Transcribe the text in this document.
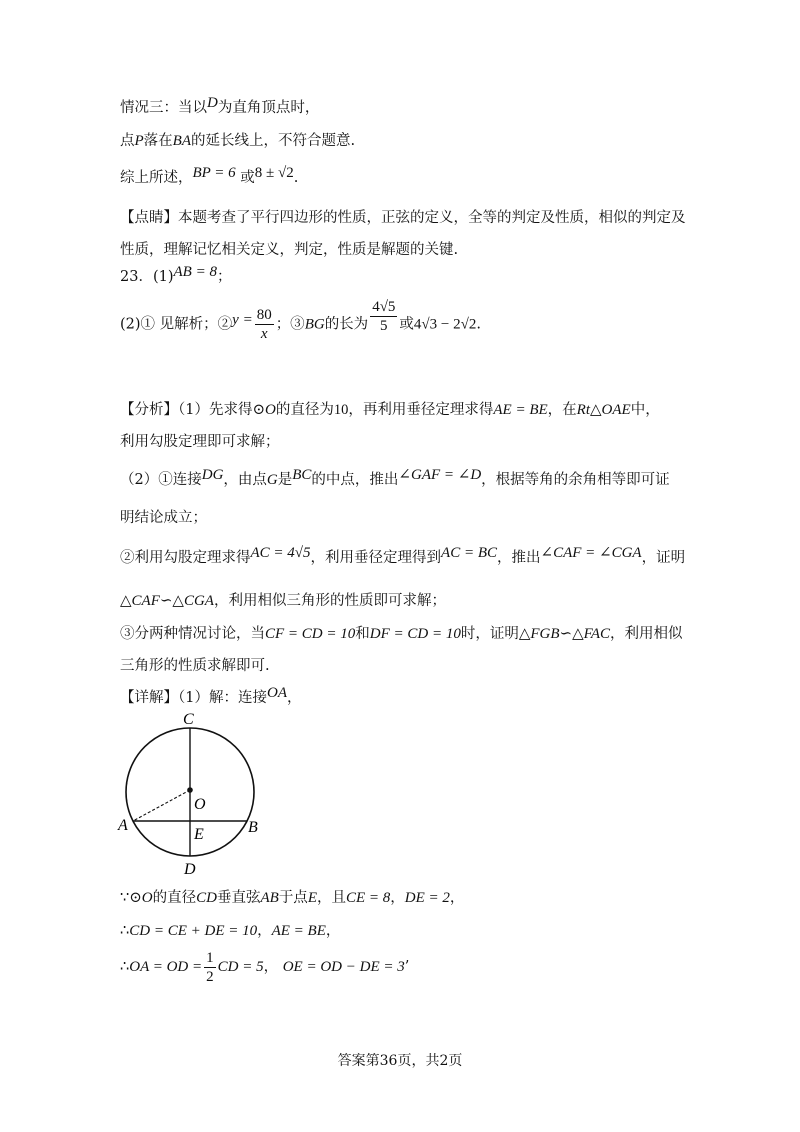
情况三：当以D为直角顶点时，
点P落在BA的延长线上，不符合题意.
综上所述，BP = 6 或8 ± √2.
【点睛】本题考查了平行四边形的性质，正弦的定义，全等的判定及性质，相似的判定及
性质，理解记忆相关定义，判定，性质是解题的关键.
23．(1)AB = 8；
(2)① 见解析；②y = $\frac{80}{x}$ ；③BG的长为 $\frac{4√5}{5}$ 或4√3 − 2√2.
【分析】（1）先求得⊙O的直径为10，再利用垂径定理求得AE = BE，在Rt△OAE中，
利用勾股定理即可求解；
（2）①连接DG，由点G是BC的中点，推出∠GAF = ∠D，根据等角的余角相等即可证
明结论成立；
②利用勾股定理求得AC = 4√5，利用垂径定理得到AC = BC，推出∠CAF = ∠CGA，证明
△CAF∽△CGA，利用相似三角形的性质即可求解；
③分两种情况讨论，当CF = CD = 10和DF = CD = 10时，证明△FGB∽△FAC，利用相似
三角形的性质求解即可.
【详解】（1）解：连接OA，
C
O
A
E	B
D
∵⊙O的直径CD垂直弦AB于点E，且CE = 8，DE = 2，
∴CD = CE + DE = 10，AE = BE，
∴OA = OD = $\frac{1}{2}$ CD = 5， OE = OD − DE = 3’
答案第36页，共2页
